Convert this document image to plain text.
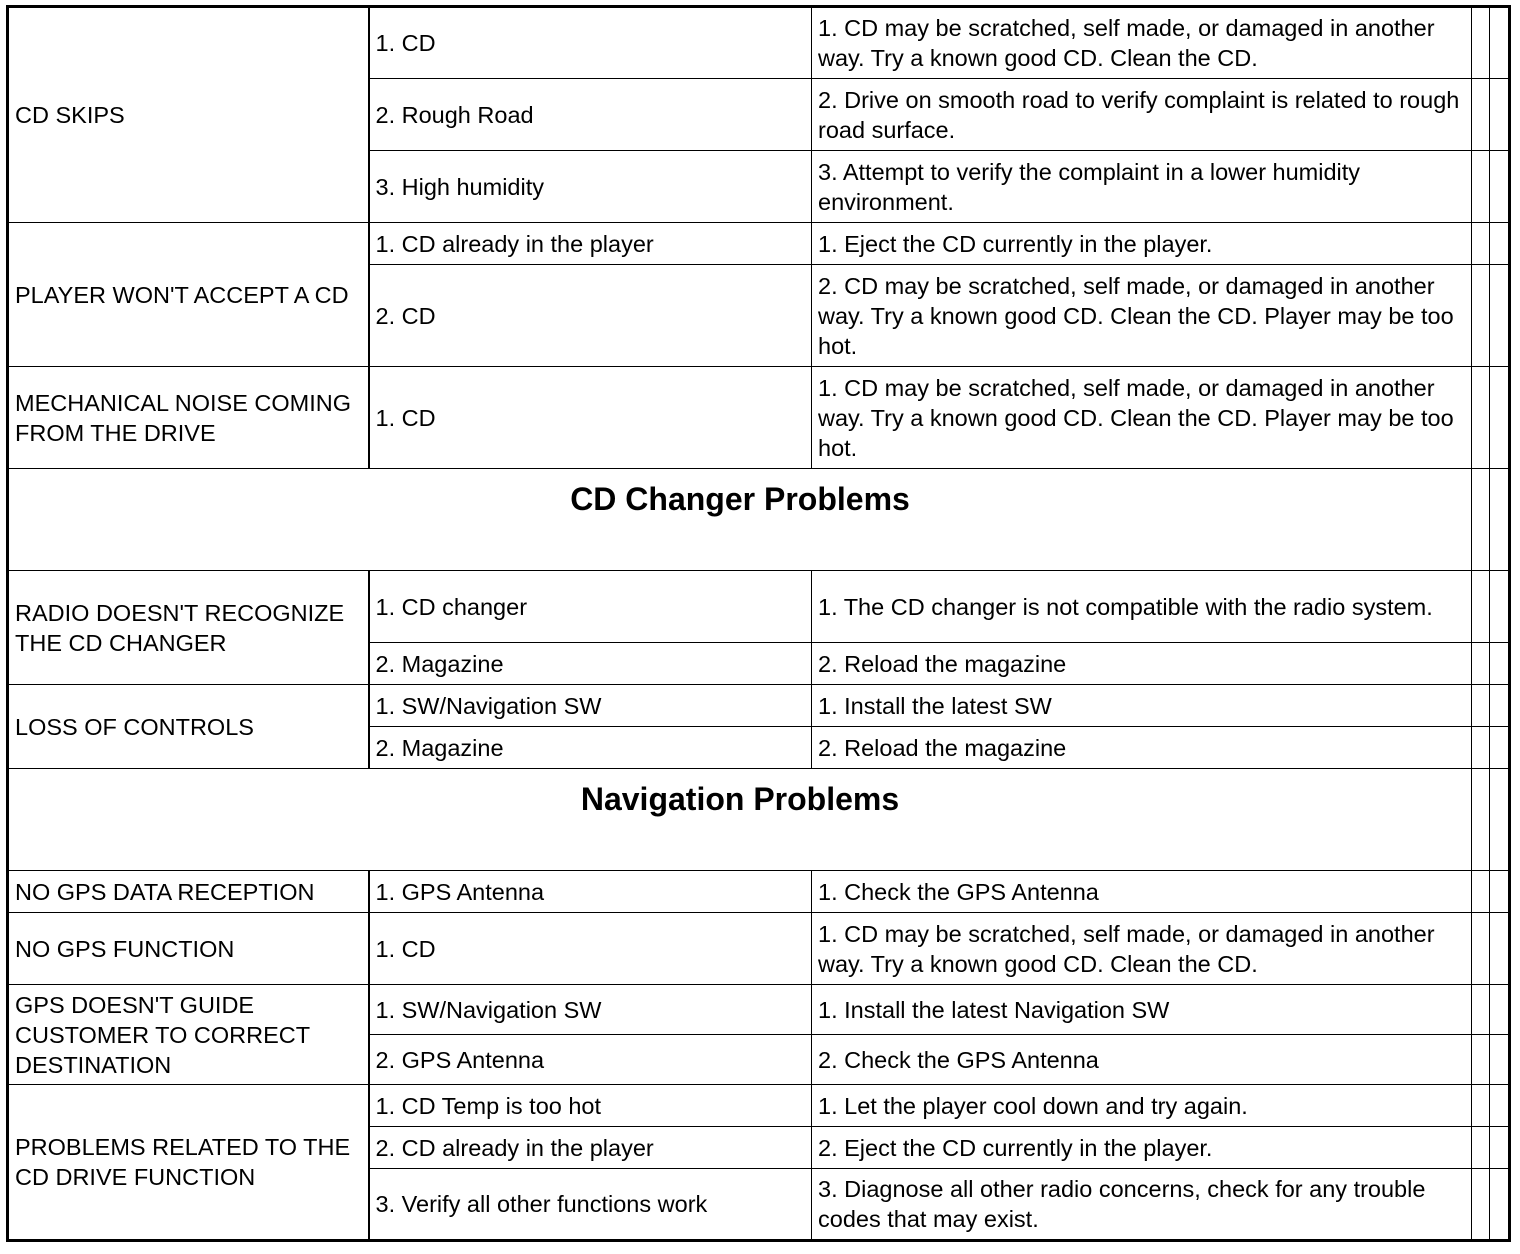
CD SKIPS	1. CD	1. CD may be scratched, self made, or damaged in another way. Try a known good CD. Clean the CD.		
	2. Rough Road	2. Drive on smooth road to verify complaint is related to rough road surface.		
	3. High humidity	3. Attempt to verify the complaint in a lower humidity environment.		
PLAYER WON'T ACCEPT A CD	1. CD already in the player	1. Eject the CD currently in the player.		
	2. CD	2. CD may be scratched, self made, or damaged in another way. Try a known good CD. Clean the CD. Player may be too hot.		
MECHANICAL NOISE COMING FROM THE DRIVE	1. CD	1. CD may be scratched, self made, or damaged in another way. Try a known good CD. Clean the CD. Player may be too hot.		
CD Changer Problems				
RADIO DOESN'T RECOGNIZE THE CD CHANGER	1. CD changer	1. The CD changer is not compatible with the radio system.		
	2. Magazine	2. Reload the magazine		
LOSS OF CONTROLS	1. SW/Navigation SW	1. Install the latest SW		
	2. Magazine	2. Reload the magazine		
Navigation Problems				
NO GPS DATA RECEPTION	1. GPS Antenna	1. Check the GPS Antenna		
NO GPS FUNCTION	1. CD	1. CD may be scratched, self made, or damaged in another way. Try a known good CD. Clean the CD.		
GPS DOESN'T GUIDE CUSTOMER TO CORRECT DESTINATION	1. SW/Navigation SW	1. Install the latest Navigation SW		
	2. GPS Antenna	2. Check the GPS Antenna		
PROBLEMS RELATED TO THE CD DRIVE FUNCTION	1. CD Temp is too hot	1. Let the player cool down and try again.		
	2. CD already in the player	2. Eject the CD currently in the player.		
	3. Verify all other functions work	3. Diagnose all other radio concerns, check for any trouble codes that may exist.		
